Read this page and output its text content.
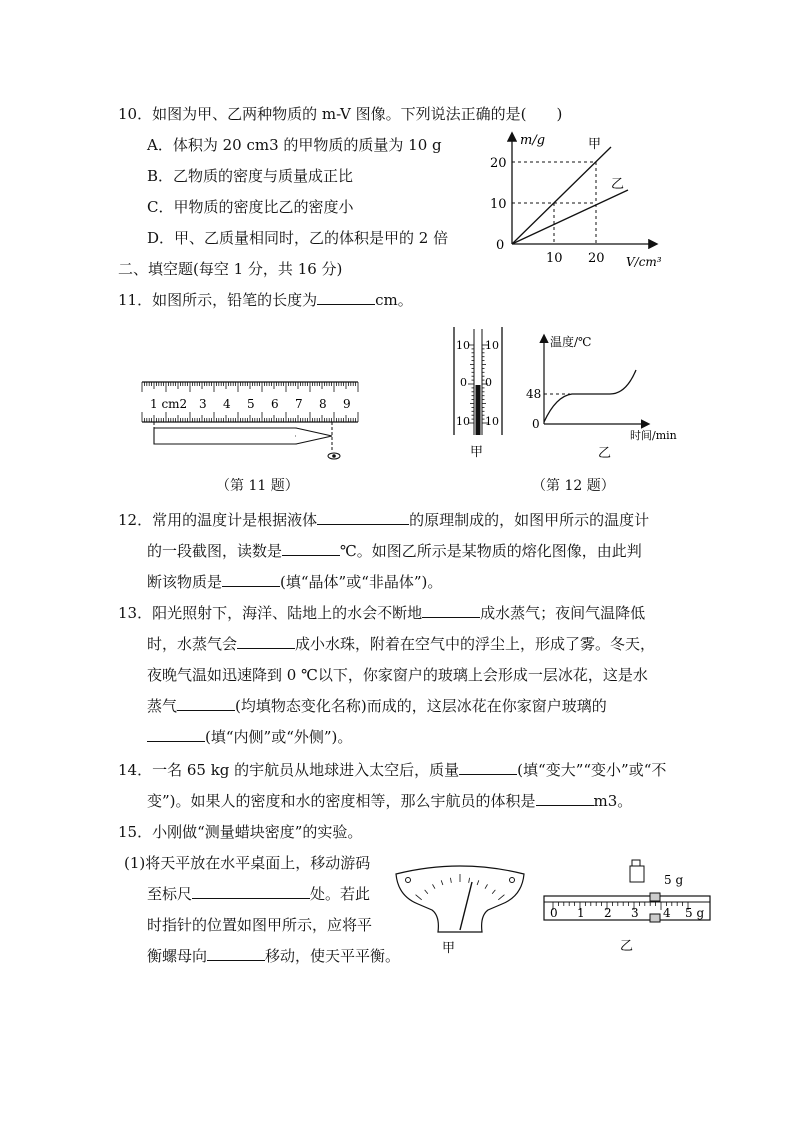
10．如图为甲、乙两种物质的 m-V 图像。下列说法正确的是(　　)
A．体积为 20 cm3 的甲物质的质量为 10 g
B．乙物质的密度与质量成正比
C．甲物质的密度比乙的密度小
D．甲、乙质量相同时，乙的体积是甲的 2 倍
m/g
V/cm³
0
20
10
10 20
甲
乙
二、填空题(每空 1 分，共 16 分)
11．如图所示，铅笔的长度为	cm。
1 cm2 3 4 5 6 7 8 9
（第 11 题）
10 10
0 0
10 10
甲
温度/℃
时间/min
48
0
乙
（第 12 题）
12．常用的温度计是根据液体	的原理制成的，如图甲所示的温度计
的一段截图，读数是	℃。如图乙所示是某物质的熔化图像，由此判
断该物质是	(填“晶体”或“非晶体”)。
13．阳光照射下，海洋、陆地上的水会不断地	成水蒸气；夜间气温降低
时，水蒸气会	成小水珠，附着在空气中的浮尘上，形成了雾。冬天，
夜晚气温如迅速降到 0 ℃以下，你家窗户的玻璃上会形成一层冰花，这是水
蒸气	(均填物态变化名称)而成的，这层冰花在你家窗户玻璃的
(填“内侧”或“外侧”)。
14．一名 65 kg 的宇航员从地球进入太空后，质量	(填“变大”“变小”或“不
变”)。如果人的密度和水的密度相等，那么宇航员的体积是	m3。
15．小刚做“测量蜡块密度”的实验。
(1)将天平放在水平桌面上，移动游码
至标尺	处。若此
时指针的位置如图甲所示，应将平
衡螺母向	移动，使天平平衡。	甲
5 g
0 1 2 3 4 5 g
乙
